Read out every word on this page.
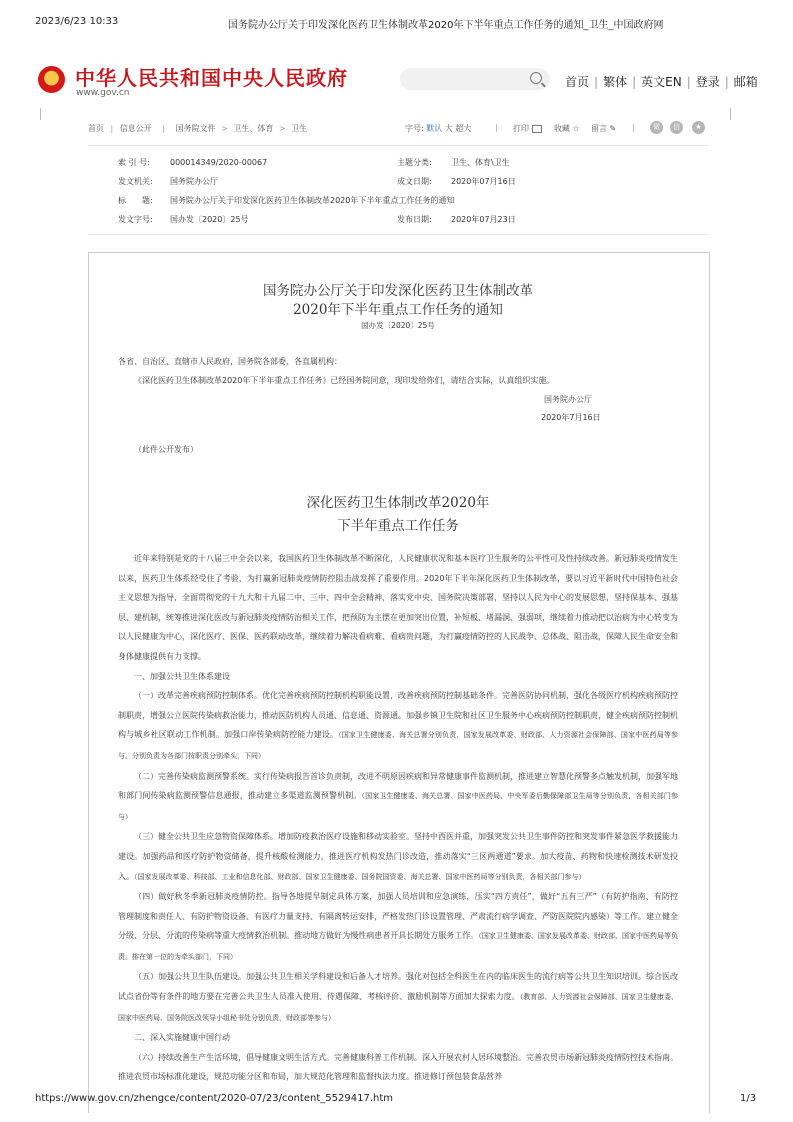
2023/6/23 10:33	国务院办公厅关于印发深化医药卫生体制改革2020年下半年重点工作任务的通知_卫生_中国政府网
中华人民共和国中央人民政府
www.gov.cn
首页 | 繁体 | 英文EN | 登录 | 邮箱
首页 | 信息公开 | 国务院文件 > 卫生、体育 > 卫生	字号: 默认 大 超大	| 打印	收藏 ☆ 留言 ✎ |	微	信	★
索 引 号:	000014349/2020-00067	主题分类: 卫生、体育\卫生
发文机关: 国务院办公厅	成文日期: 2020年07月16日
标　　题: 国务院办公厅关于印发深化医药卫生体制改革2020年下半年重点工作任务的通知
发文字号: 国办发〔2020〕25号	发布日期: 2020年07月23日
国务院办公厅关于印发深化医药卫生体制改革
2020年下半年重点工作任务的通知
国办发〔2020〕25号
各省、自治区、直辖市人民政府，国务院各部委、各直属机构：
《深化医药卫生体制改革2020年下半年重点工作任务》已经国务院同意，现印发给你们，请结合实际，认真组织实施。
国务院办公厅
2020年7月16日
（此件公开发布）
深化医药卫生体制改革2020年
下半年重点工作任务
近年来特别是党的十八届三中全会以来，我国医药卫生体制改革不断深化，人民健康状况和基本医疗卫生服务的公平性可及性持续改善。新冠肺炎疫情发生以来，医药卫生体系经受住了考验，为打赢新冠肺炎疫情防控阻击战发挥了重要作用。2020年下半年深化医药卫生体制改革，要以习近平新时代中国特色社会主义思想为指导，全面贯彻党的十九大和十九届二中、三中、四中全会精神，落实党中央、国务院决策部署，坚持以人民为中心的发展思想，坚持保基本、强基层、建机制，统筹推进深化医改与新冠肺炎疫情防治相关工作，把预防为主摆在更加突出位置，补短板、堵漏洞、强弱项，继续着力推动把以治病为中心转变为以人民健康为中心，深化医疗、医保、医药联动改革，继续着力解决看病难、看病贵问题，为打赢疫情防控的人民战争、总体战、阻击战，保障人民生命安全和身体健康提供有力支撑。
一、加强公共卫生体系建设
（一）改革完善疾病预防控制体系。优化完善疾病预防控制机构职能设置，改善疾病预防控制基础条件。完善医防协同机制，强化各级医疗机构疾病预防控制职责，增强公立医院传染病救治能力，推动医防机构人员通、信息通、资源通。加强乡镇卫生院和社区卫生服务中心疾病预防控制职责，健全疾病预防控制机构与城乡社区联动工作机制。加强口岸传染病防控能力建设。（国家卫生健康委、海关总署分别负责，国家发展改革委、财政部、人力资源社会保障部、国家中医药局等参与。分别负责为各部门按职责分别牵头，下同）
（二）完善传染病监测预警系统。实行传染病报告首诊负责制，改进不明原因疾病和异常健康事件监测机制，推进建立智慧化预警多点触发机制，加强军地和部门间传染病监测预警信息通报，推动建立多渠道监测预警机制。（国家卫生健康委、海关总署、国家中医药局、中央军委后勤保障部卫生局等分别负责，各相关部门参与）
（三）健全公共卫生应急物资保障体系。增加防疫救治医疗设施和移动实验室。坚持中西医并重，加强突发公共卫生事件防控和突发事件紧急医学救援能力建设。加强药品和医疗防护物资储备，提升核酸检测能力，推进医疗机构发热门诊改造，推动落实“三区两通道”要求。加大疫苗、药物和快速检测技术研发投入。（国家发展改革委、科技部、工业和信息化部、财政部、国家卫生健康委、国务院国资委、海关总署、国家中医药局等分别负责，各相关部门参与）
（四）做好秋冬季新冠肺炎疫情防控。指导各地提早制定具体方案，加强人员培训和应急演练，压实“四方责任”，做好“五有三严”（有防护指南、有防控管理制度和责任人、有防护物资设备、有医疗力量支持、有隔离转运安排，严格发热门诊设置管理、严肃流行病学调查、严防医院院内感染）等工作。建立健全分级、分层、分流的传染病等重大疫情救治机制。推动地方做好为慢性病患者开具长期处方服务工作。（国家卫生健康委、国家发展改革委、财政部、国家中医药局等负责。排在第一位的为牵头部门，下同）
（五）加强公共卫生队伍建设。加强公共卫生相关学科建设和后备人才培养。强化对包括全科医生在内的临床医生的流行病等公共卫生知识培训。综合医改试点省份等有条件的地方要在完善公共卫生人员准入使用、待遇保障、考核评价、激励机制等方面加大探索力度。（教育部、人力资源社会保障部、国家卫生健康委、国家中医药局、国务院医改领导小组秘书处分别负责，财政部等参与）
二、深入实施健康中国行动
（六）持续改善生产生活环境，倡导健康文明生活方式。完善健康科普工作机制。深入开展农村人居环境整治。完善农贸市场新冠肺炎疫情防控技术指南。推进农贸市场标准化建设，规范功能分区和布局，加大规范化管理和监督执法力度。推进修订预包装食品营养
https://www.gov.cn/zhengce/content/2020-07/23/content_5529417.htm	1/3
